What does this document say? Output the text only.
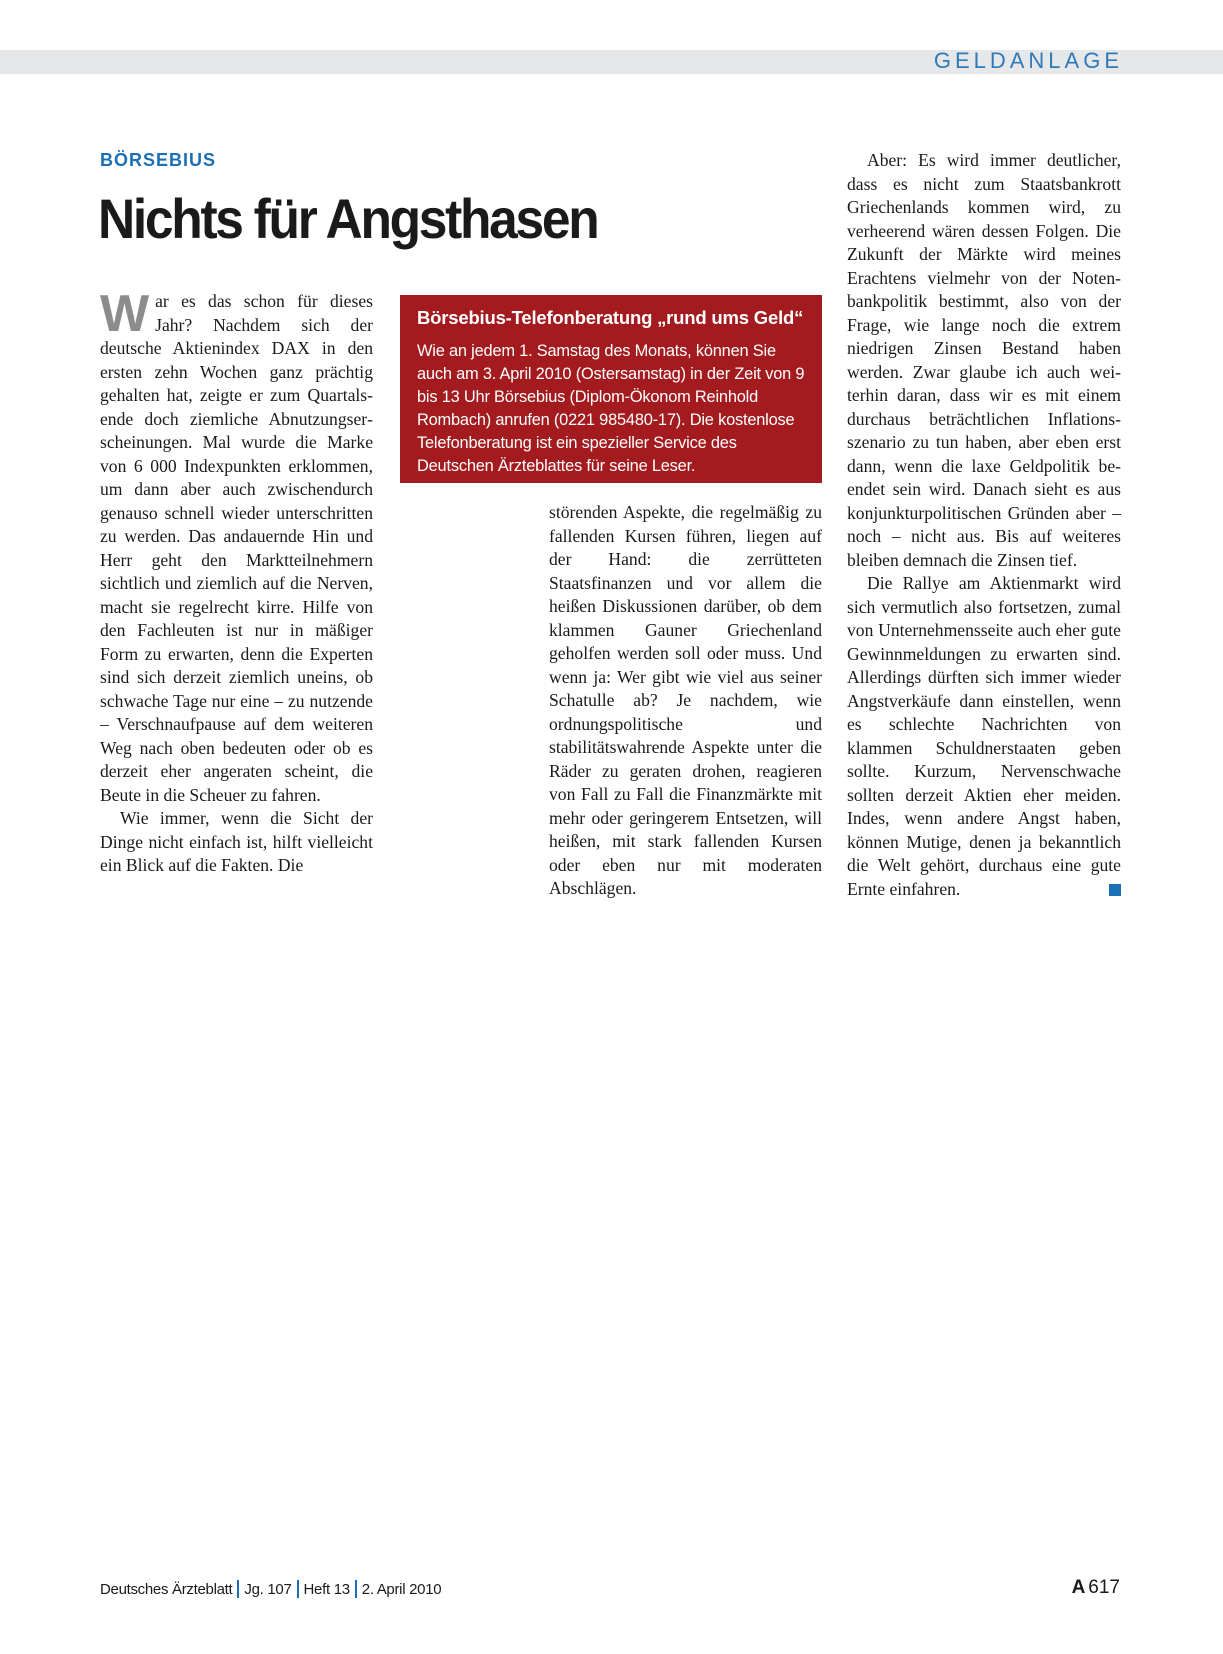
GELDANLAGE
BÖRSEBIUS
Nichts für Angsthasen

War es das schon für dieses Jahr? Nachdem sich der deutsche Aktienindex DAX in den ersten zehn Wochen ganz prächtig gehalten hat, zeigte er zum Quartalsende doch ziemliche Abnutzungserscheinungen. Mal wurde die Marke von 6 000 Indexpunkten erklommen, um dann aber auch zwischendurch genauso schnell wieder unterschritten zu werden. Das andauernde Hin und Herr geht den Marktteilnehmern sichtlich und ziemlich auf die Nerven, macht sie regelrecht kirre. Hilfe von den Fachleuten ist nur in mäßiger Form zu erwarten, denn die Experten sind sich derzeit ziemlich uneins, ob schwache Tage nur eine – zu nutzende – Verschnaufpause auf dem weiteren Weg nach oben bedeuten oder ob es derzeit eher angeraten scheint, die Beute in die Scheuer zu fahren.

Wie immer, wenn die Sicht der Dinge nicht einfach ist, hilft vielleicht ein Blick auf die Fakten. Die

Börsebius-Telefonberatung „rund ums Geld“

Wie an jedem 1. Samstag des Monats, können Sie auch am 3. April 2010 (Ostersamstag) in der Zeit von 9 bis 13 Uhr Börsebius (Diplom-Ökonom Reinhold Rombach) anrufen (0221 985480-17). Die kostenlose Telefonberatung ist ein spezieller Service des Deutschen Ärzteblattes für seine Leser.

störenden Aspekte, die regelmäßig zu fallenden Kursen führen, liegen auf der Hand: die zerrütteten Staatsfinanzen und vor allem die heißen Diskussionen darüber, ob dem klammen Gauner Griechenland geholfen werden soll oder muss. Und wenn ja: Wer gibt wie viel aus seiner Schatulle ab? Je nachdem, wie ordnungspolitische und stabilitätswahrende Aspekte unter die Räder zu geraten drohen, reagieren von Fall zu Fall die Finanzmärkte mit mehr oder geringerem Entsetzen, will heißen, mit stark fallenden Kursen oder eben nur mit moderaten Abschlägen.

Aber: Es wird immer deutlicher, dass es nicht zum Staatsbankrott Griechenlands kommen wird, zu verheerend wären dessen Folgen. Die Zukunft der Märkte wird meines Erachtens vielmehr von der Notenbankpolitik bestimmt, also von der Frage, wie lange noch die extrem niedrigen Zinsen Bestand haben werden. Zwar glaube ich auch weiterhin daran, dass wir es mit einem durchaus beträchtlichen Inflationsszenario zu tun haben, aber eben erst dann, wenn die laxe Geldpolitik beendet sein wird. Danach sieht es aus konjunkturpolitischen Gründen aber – noch – nicht aus. Bis auf weiteres bleiben demnach die Zinsen tief.

Die Rallye am Aktienmarkt wird sich vermutlich also fortsetzen, zumal von Unternehmensseite auch eher gute Gewinnmeldungen zu erwarten sind. Allerdings dürften sich immer wieder Angstverkäufe dann einstellen, wenn es schlechte Nachrichten von klammen Schuldnerstaaten geben sollte. Kurzum, Nervenschwache sollten derzeit Aktien eher meiden. Indes, wenn andere Angst haben, können Mutige, denen ja bekanntlich die Welt gehört, durchaus eine gute Ernte einfahren.

Deutsches Ärzteblatt Jg. 107 Heft 13 2. April 2010	A 617
